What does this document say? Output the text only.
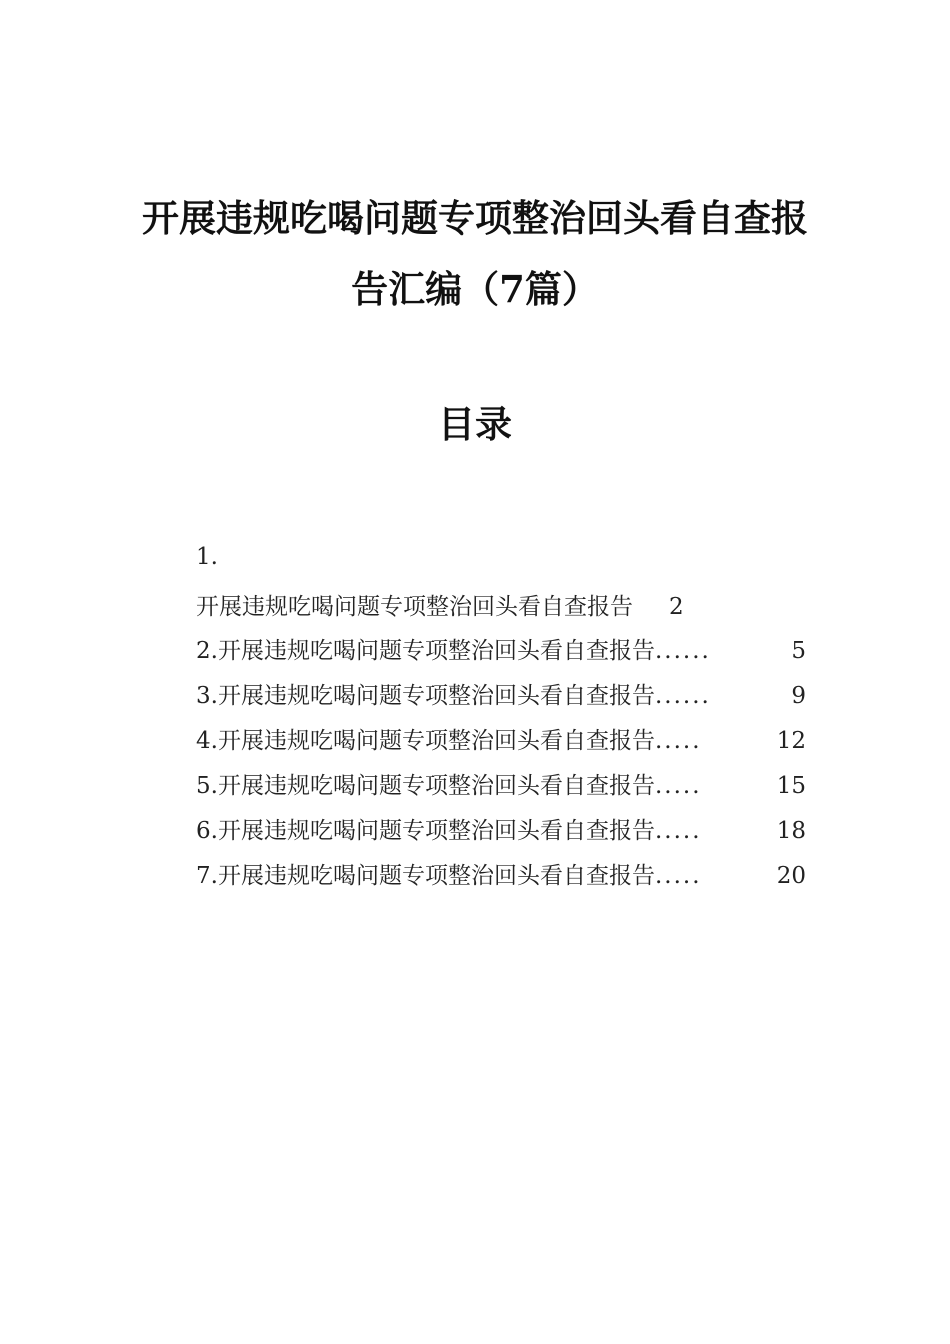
开展违规吃喝问题专项整治回头看自查报
告汇编（7篇）
目录
1.
开展违规吃喝问题专项整治回头看自查报告 2
2.开展违规吃喝问题专项整治回头看自查报告 ......	5
3.开展违规吃喝问题专项整治回头看自查报告 ......	9
4.开展违规吃喝问题专项整治回头看自查报告 .....	12
5.开展违规吃喝问题专项整治回头看自查报告 .....	15
6.开展违规吃喝问题专项整治回头看自查报告 .....	18
7.开展违规吃喝问题专项整治回头看自查报告 .....	20
